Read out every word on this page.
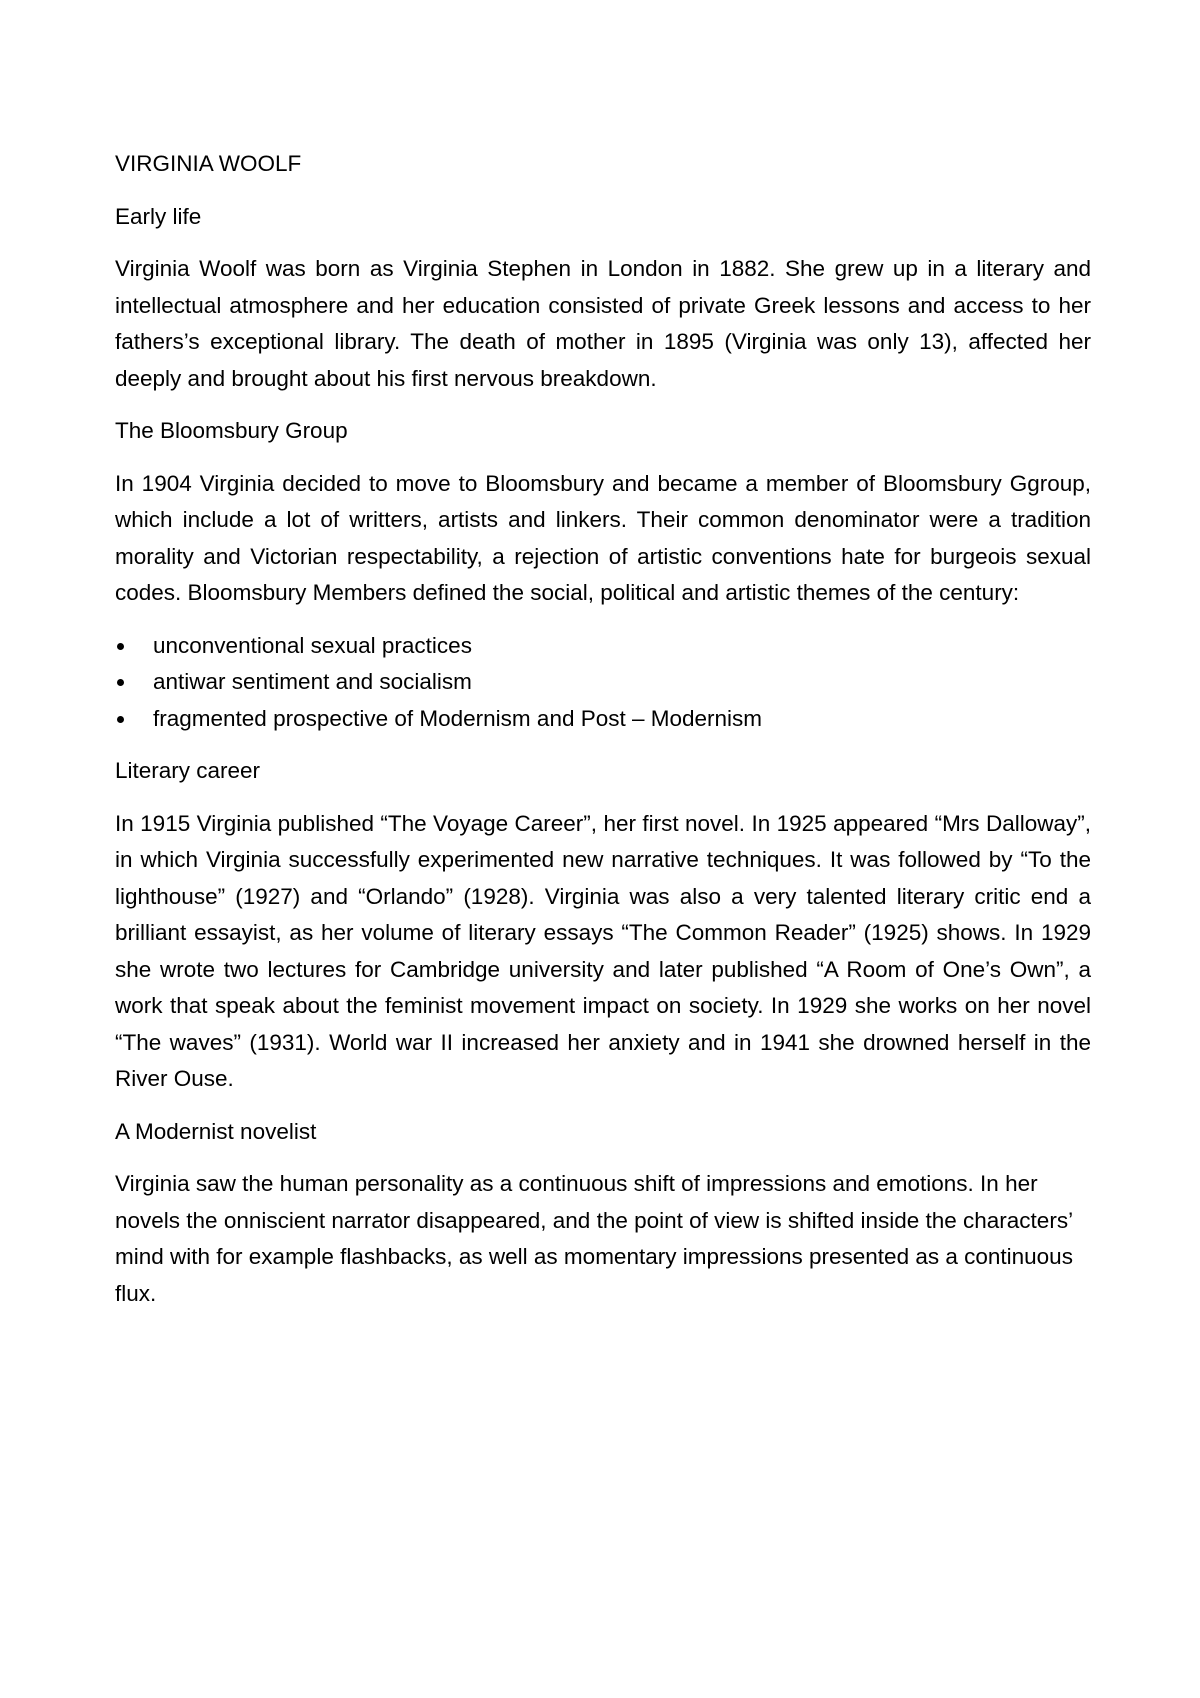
VIRGINIA WOOLF

Early life

Virginia Woolf was born as Virginia Stephen in London in 1882. She grew up in a literary and intellectual atmosphere and her education consisted of private Greek lessons and access to her fathers’s exceptional library. The death of mother in 1895 (Virginia was only 13), affected her deeply and brought about his first nervous breakdown.

The Bloomsbury Group

In 1904 Virginia decided to move to Bloomsbury and became a member of Bloomsbury Ggroup, which include a lot of writters, artists and linkers. Their common denominator were a tradition morality and Victorian respectability, a rejection of artistic conventions hate for burgeois sexual codes. Bloomsbury Members defined the social, political and artistic themes of the century:

unconventional sexual practices
antiwar sentiment and socialism
fragmented prospective of Modernism and Post – Modernism

Literary career

In 1915 Virginia published “The Voyage Career”, her first novel. In 1925 appeared “Mrs Dalloway”, in which Virginia successfully experimented new narrative techniques. It was followed by “To the lighthouse” (1927) and “Orlando” (1928). Virginia was also a very talented literary critic end a brilliant essayist, as her volume of literary essays “The Common Reader” (1925) shows. In 1929 she wrote two lectures for Cambridge university and later published “A Room of One’s Own”, a work that speak about the feminist movement impact on society. In 1929 she works on her novel “The waves” (1931). World war II increased her anxiety and in 1941 she drowned herself in the River Ouse.

A Modernist novelist

Virginia saw the human personality as a continuous shift of impressions and emotions. In her novels the onniscient narrator disappeared, and the point of view is shifted inside the characters’ mind with for example flashbacks, as well as momentary impressions presented as a continuous flux.
